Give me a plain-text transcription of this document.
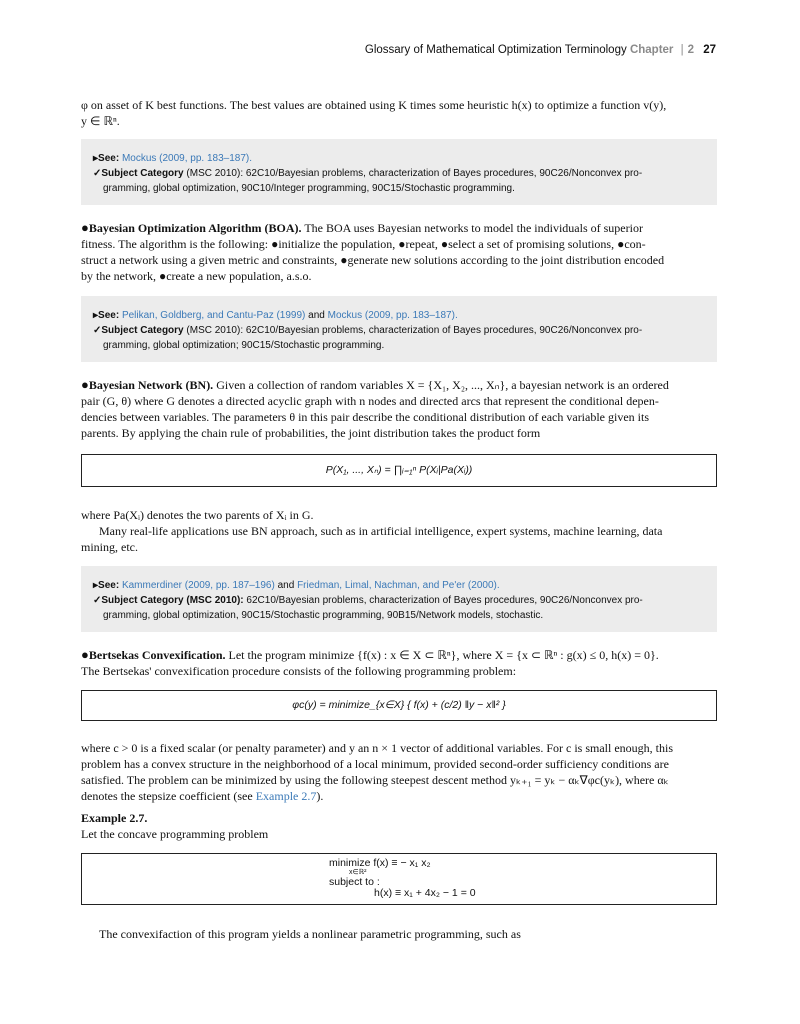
Glossary of Mathematical Optimization Terminology Chapter | 2 27
φ on asset of K best functions. The best values are obtained using K times some heuristic h(x) to optimize a function v(y),
y ∈ ℝⁿ.
▸See: Mockus (2009, pp. 183–187).
✓Subject Category (MSC 2010): 62C10/Bayesian problems, characterization of Bayes procedures, 90C26/Nonconvex pro-
gramming, global optimization, 90C10/Integer programming, 90C15/Stochastic programming.
●Bayesian Optimization Algorithm (BOA). The BOA uses Bayesian networks to model the individuals of superior
fitness. The algorithm is the following: ●initialize the population, ●repeat, ●select a set of promising solutions, ●con-
struct a network using a given metric and constraints, ●generate new solutions according to the joint distribution encoded
by the network, ●create a new population, a.s.o.
▸See: Pelikan, Goldberg, and Cantu-Paz (1999) and Mockus (2009, pp. 183–187).
✓Subject Category (MSC 2010): 62C10/Bayesian problems, characterization of Bayes procedures, 90C26/Nonconvex pro-
gramming, global optimization; 90C15/Stochastic programming.
●Bayesian Network (BN). Given a collection of random variables X = {X₁, X₂, ..., Xₙ}, a bayesian network is an ordered
pair (G, θ) where G denotes a directed acyclic graph with n nodes and directed arcs that represent the conditional depen-
dencies between variables. The parameters θ in this pair describe the conditional distribution of each variable given its
parents. By applying the chain rule of probabilities, the joint distribution takes the product form
P(X₁, ..., Xₙ) = ∏ᵢ₌₁ⁿ P(Xᵢ|Pa(Xᵢ))
where Pa(Xᵢ) denotes the two parents of Xᵢ in G.
Many real-life applications use BN approach, such as in artificial intelligence, expert systems, machine learning, data
mining, etc.
▸See: Kammerdiner (2009, pp. 187–196) and Friedman, Limal, Nachman, and Pe'er (2000).
✓Subject Category (MSC 2010): 62C10/Bayesian problems, characterization of Bayes procedures, 90C26/Nonconvex pro-
gramming, global optimization, 90C15/Stochastic programming, 90B15/Network models, stochastic.
●Bertsekas Convexification. Let the program minimize {f(x) : x ∈ X ⊂ ℝⁿ}, where X = {x ⊂ ℝⁿ : g(x) ≤ 0, h(x) = 0}.
The Bertsekas' convexification procedure consists of the following programming problem:
φc(y) = minimize_{x∈X} { f(x) + (c/2) ‖y − x‖² }
where c > 0 is a fixed scalar (or penalty parameter) and y an n × 1 vector of additional variables. For c is small enough, this
problem has a convex structure in the neighborhood of a local minimum, provided second-order sufficiency conditions are
satisfied. The problem can be minimized by using the following steepest descent method yₖ₊₁ = yₖ − αₖ∇φc(yₖ), where αₖ
denotes the stepsize coefficient (see Example 2.7).
Example 2.7.
Let the concave programming problem
minimize f(x) ≡ − x₁ x₂
x∈ℝ²
subject to :
h(x) ≡ x₁ + 4x₂ − 1 = 0
The convexifaction of this program yields a nonlinear parametric programming, such as
